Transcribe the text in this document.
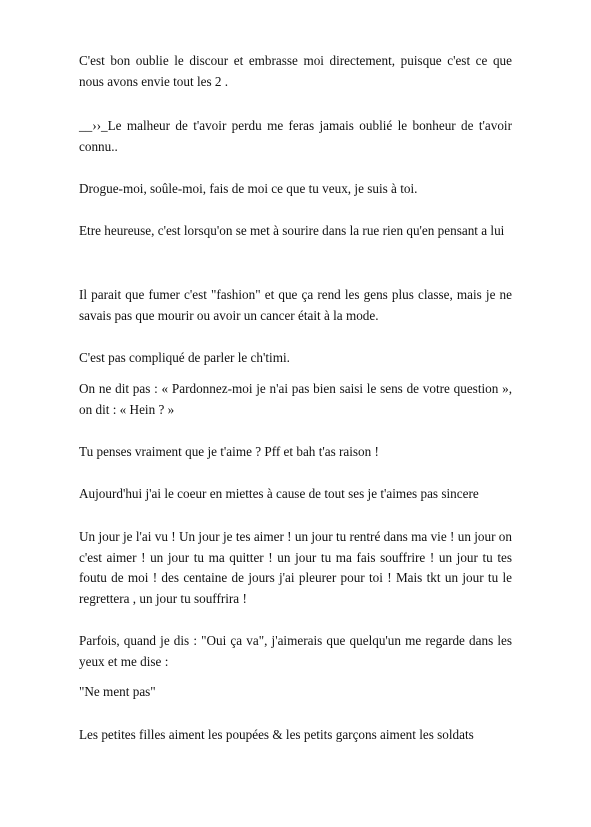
C'est bon oublie le discour et embrasse moi directement, puisque c'est ce que nous avons envie tout les 2 .

__››_Le malheur de t'avoir perdu me feras jamais oublié le bonheur de t'avoir connu..

Drogue-moi, soûle-moi, fais de moi ce que tu veux, je suis à toi.

Etre heureuse, c'est lorsqu'on se met à sourire dans la rue rien qu'en pensant a lui

Il parait que fumer c'est "fashion" et que ça rend les gens plus classe, mais je ne savais pas que mourir ou avoir un cancer était à la mode.

C'est pas compliqué de parler le ch'timi.

On ne dit pas : « Pardonnez-moi je n'ai pas bien saisi le sens de votre question », on dit : « Hein ? »

Tu penses vraiment que je t'aime ? Pff et bah t'as raison !

Aujourd'hui j'ai le coeur en miettes à cause de tout ses je t'aimes pas sincere

Un jour je l'ai vu ! Un jour je tes aimer ! un jour tu rentré dans ma vie ! un jour on c'est aimer ! un jour tu ma quitter ! un jour tu ma fais souffrire ! un jour tu tes foutu de moi ! des centaine de jours j'ai pleurer pour toi ! Mais tkt un jour tu le regrettera , un jour tu souffrira !

Parfois, quand je dis : "Oui ça va", j'aimerais que quelqu'un me regarde dans les yeux et me dise :

"Ne ment pas"

Les petites filles aiment les poupées & les petits garçons aiment les soldats
